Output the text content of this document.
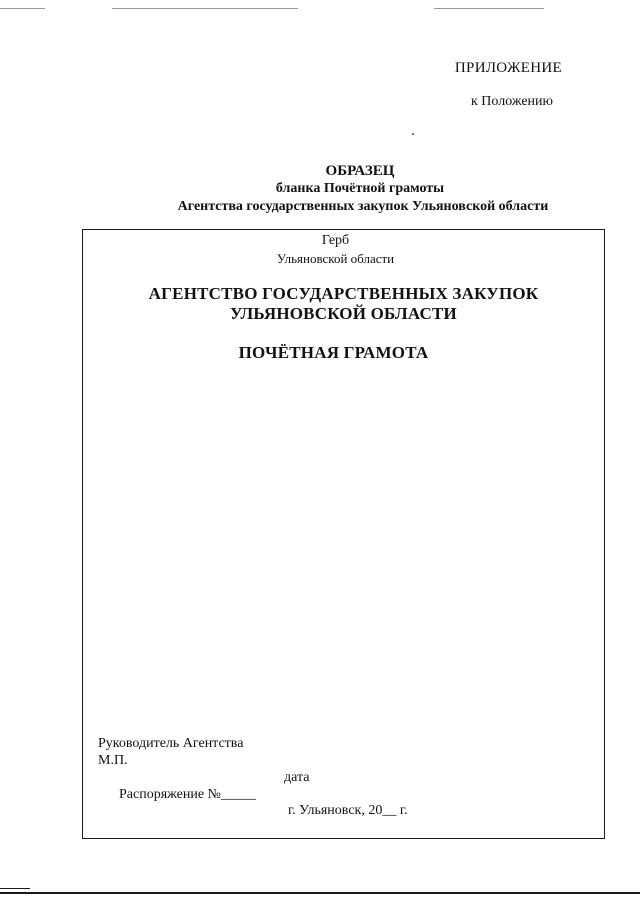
ПРИЛОЖЕНИЕ
к Положению
ОБРАЗЕЦ
бланка Почётной грамоты
Агентства государственных закупок Ульяновской области
Герб
Ульяновской области
АГЕНТСТВО ГОСУДАРСТВЕННЫХ ЗАКУПОК
УЛЬЯНОВСКОЙ ОБЛАСТИ
ПОЧЁТНАЯ ГРАМОТА
Руководитель Агентства
М.П.

Распоряжение №_____

дата

г. Ульяновск, 20__ г.
